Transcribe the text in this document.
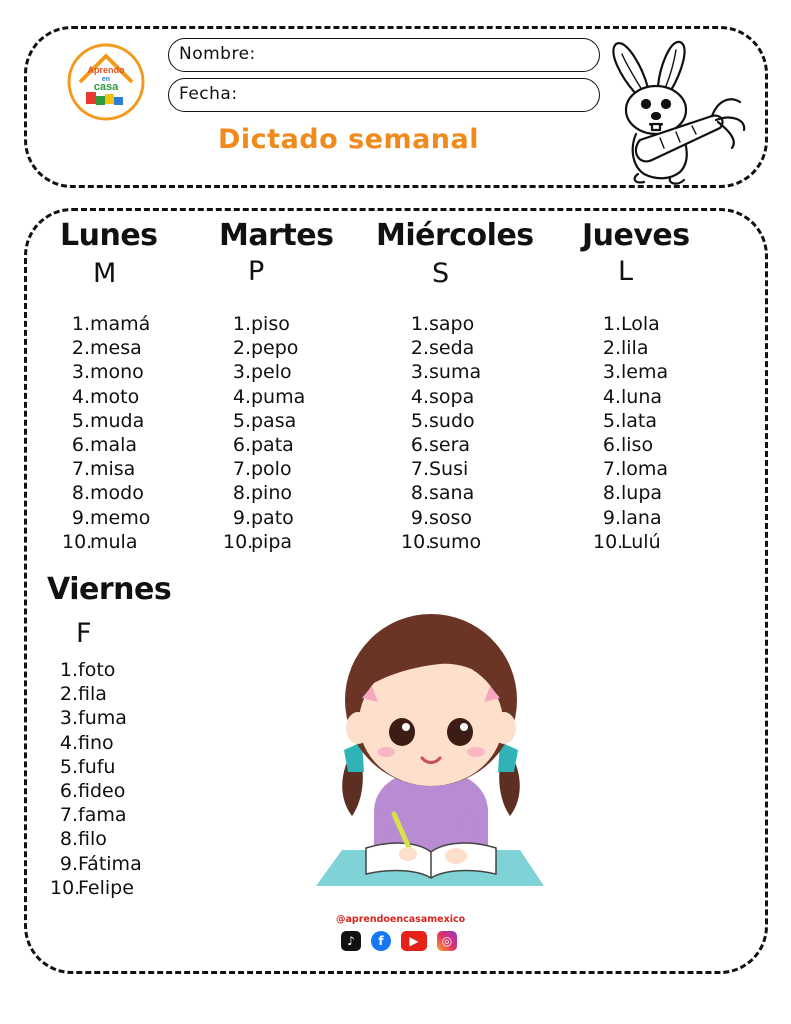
Aprendo
en
casa
Nombre:
Fecha:
Dictado semanal
Lunes
M
1.mamá
2.mesa
3.mono
4.moto
5.muda
6.mala
7.misa
8.modo
9.memo
10.mula
Martes
P
1.piso
2.pepo
3.pelo
4.puma
5.pasa
6.pata
7.polo
8.pino
9.pato
10.pipa
Miércoles
S
1.sapo
2.seda
3.suma
4.sopa
5.sudo
6.sera
7.Susi
8.sana
9.soso
10.sumo
Jueves
L
1.Lola
2.lila
3.lema
4.luna
5.lata
6.liso
7.loma
8.lupa
9.lana
10.Lulú
Viernes
F
1.foto
2.fila
3.fuma
4.fino
5.fufu
6.fideo
7.fama
8.filo
9.Fátima
10.Felipe
@aprendoencasamexico
♪	f	▶	◎
